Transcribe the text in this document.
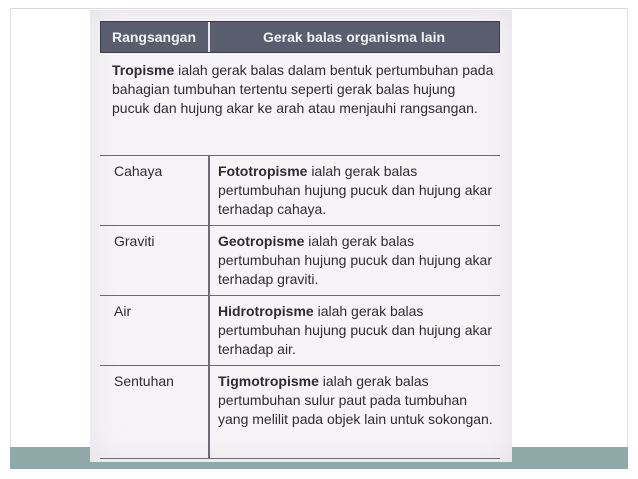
Rangsangan	Gerak balas organisma lain
Tropisme ialah gerak balas dalam bentuk pertumbuhan pada bahagian tumbuhan tertentu seperti gerak balas hujung pucuk dan hujung akar ke arah atau menjauhi rangsangan.
Cahaya	Fototropisme ialah gerak balas pertumbuhan hujung pucuk dan hujung akar terhadap cahaya.
Graviti	Geotropisme ialah gerak balas pertumbuhan hujung pucuk dan hujung akar terhadap graviti.
Air	Hidrotropisme ialah gerak balas pertumbuhan hujung pucuk dan hujung akar terhadap air.
Sentuhan	Tigmotropisme ialah gerak balas pertumbuhan sulur paut pada tumbuhan yang melilit pada objek lain untuk sokongan.
